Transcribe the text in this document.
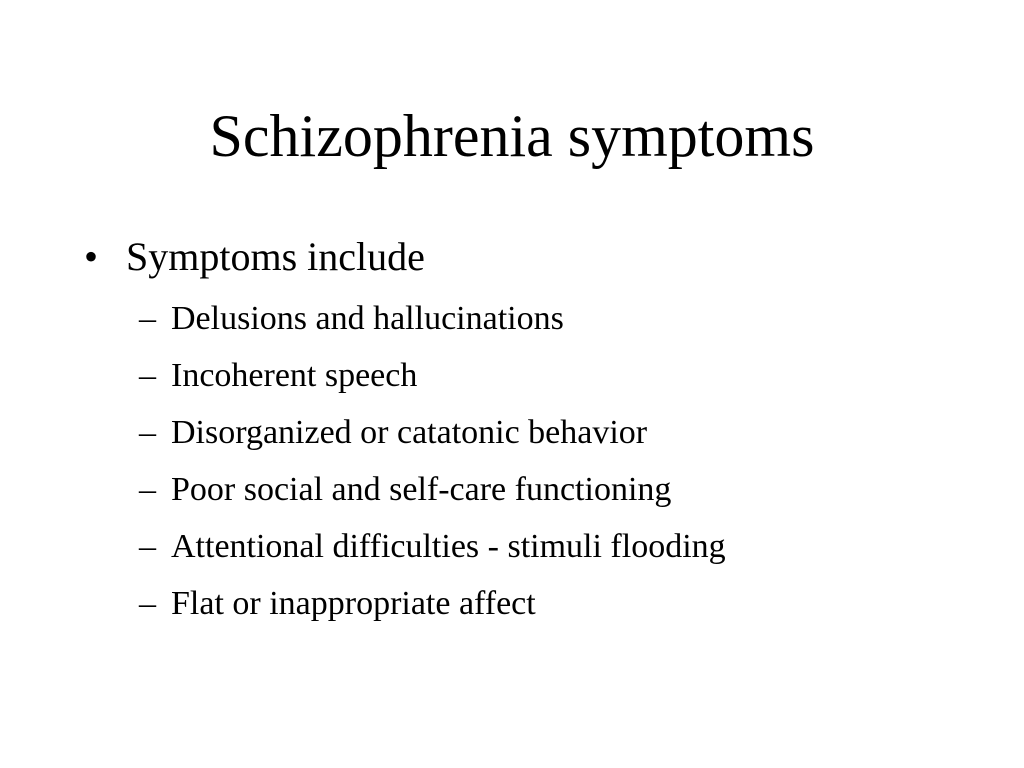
Schizophrenia symptoms
• Symptoms include
– Delusions and hallucinations
– Incoherent speech
– Disorganized or catatonic behavior
– Poor social and self-care functioning
– Attentional difficulties - stimuli flooding
– Flat or inappropriate affect
